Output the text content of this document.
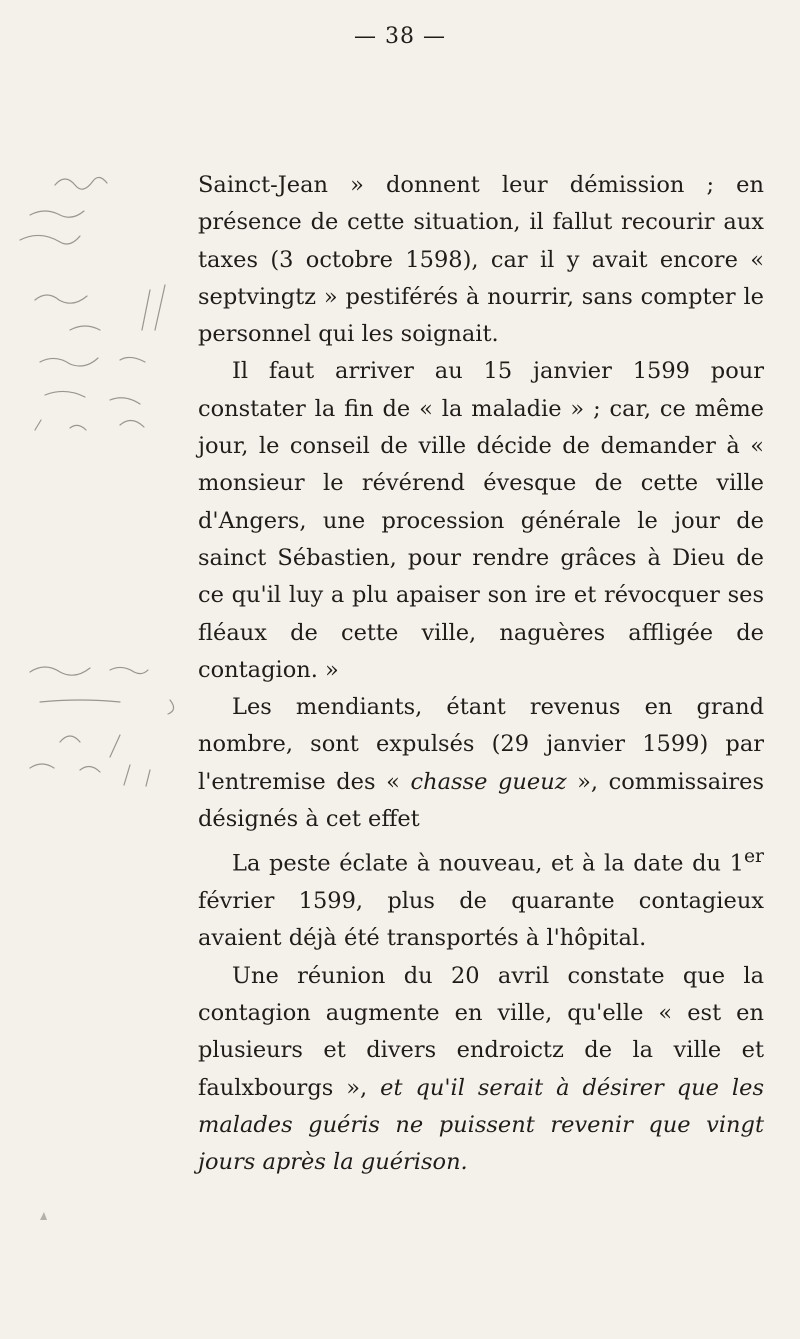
— 38 —

Sainct-Jean » donnent leur démission ; en présence de cette situation, il fallut recourir aux taxes (3 octobre 1598), car il y avait encore « septvingtz » pestiférés à nourrir, sans compter le personnel qui les soignait.

Il faut arriver au 15 janvier 1599 pour constater la fin de « la maladie » ; car, ce même jour, le conseil de ville décide de demander à « monsieur le révérend évesque de cette ville d'Angers, une procession générale le jour de sainct Sébastien, pour rendre grâces à Dieu de ce qu'il luy a plu apaiser son ire et révocquer ses fléaux de cette ville, naguères affligée de contagion. »

Les mendiants, étant revenus en grand nombre, sont expulsés (29 janvier 1599) par l'entremise des « chasse gueuz », commissaires désignés à cet effet

La peste éclate à nouveau, et à la date du 1er février 1599, plus de quarante contagieux avaient déjà été transportés à l'hôpital.

Une réunion du 20 avril constate que la contagion augmente en ville, qu'elle « est en plusieurs et divers endroictz de la ville et faulxbourgs », et qu'il serait à désirer que les malades guéris ne puissent revenir que vingt jours après la guérison.
